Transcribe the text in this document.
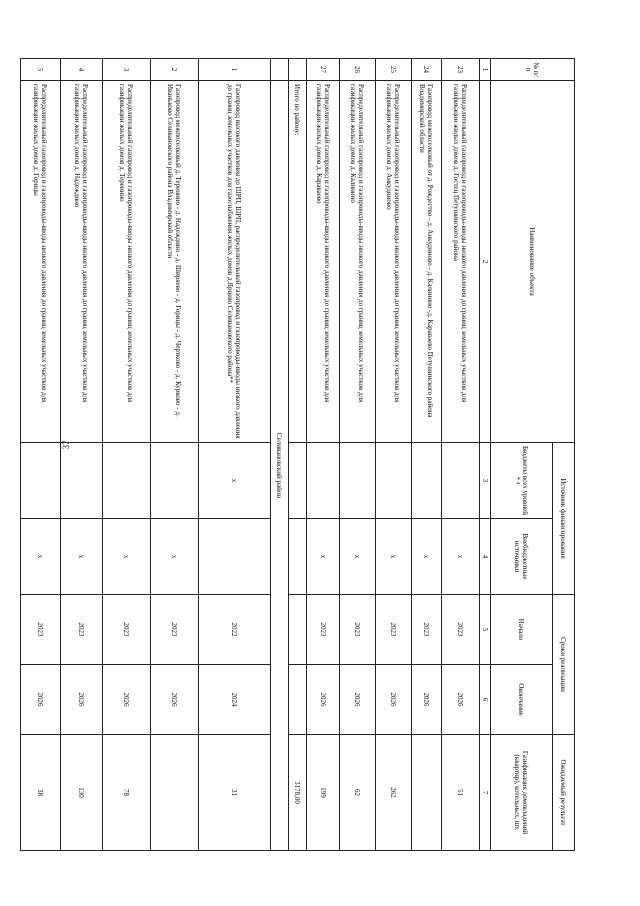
37
№ п/п	Наименование объекта	Источник финансирования		Сроки реализации		Ожидаемый результат
		Бюджеты всех уровней * ⁴	Внебюджетные источники	Начало	Окончание	Газификация домовладений (квартир), котельных, шт.
1	2	3	4	5	6	7
23	Распределительный газопровод и газопроводы-вводы низкого давления до границ земельных участков для газификации жилых домов д. Гостец Петушинского района		х	2023	2026	51
24	Газопровод межпоселковый от д. Рождество - д. Анкудиново - д. Калинино -д. Караваево Петушинского района Владимирской области		х	2023	2026	
25	Распределительный газопровод и газопроводы-вводы низкого давления до границ земельных участков для газификации жилых домов д. Анкудиново		х	2023	2026	262
26	Распределительный газопровод и газопроводы-вводы низкого давления до границ земельных участков для газификации жилых домов д. Калинино		х	2023	2026	62
27	Распределительный газопровод и газопроводы-вводы низкого давления до границ земельных участков для газификации жилых домов д. Караваево		х	2023	2026	199
	Итого по району:					3178,00
	Селивановский район					
1	Газопровод высокого давления до ШРП, ШРП, распределительный газопровод и газопроводы-вводы низкого давления до границ земельных участков для газоснабжения жилых домов д.Ярцево Селивановского района**	х		2022	2024	31
2	Газопровод межпоселковый д. Теренино - д. Надеждино - д. Ширяево - д. Горицы - д. Чертково - д. Курково - д. Иваньково Селивановского района Владимирской области		х	2023	2026	
3	Распределительный газопровод и газопроводы-вводы низкого давления до границ земельных участков для газификации жилых домов д. Теренино		х	2023	2026	78
4	Распределительный газопровод и газопроводы-вводы низкого давления до границ земельных участков для газификации жилых домов д. Надеждино		х	2023	2026	130
5	Распределительный газопровод и газопроводы-вводы низкого давления до границ земельных участков для газификации жилых домов д. Горицы		х	2023	2026	38
